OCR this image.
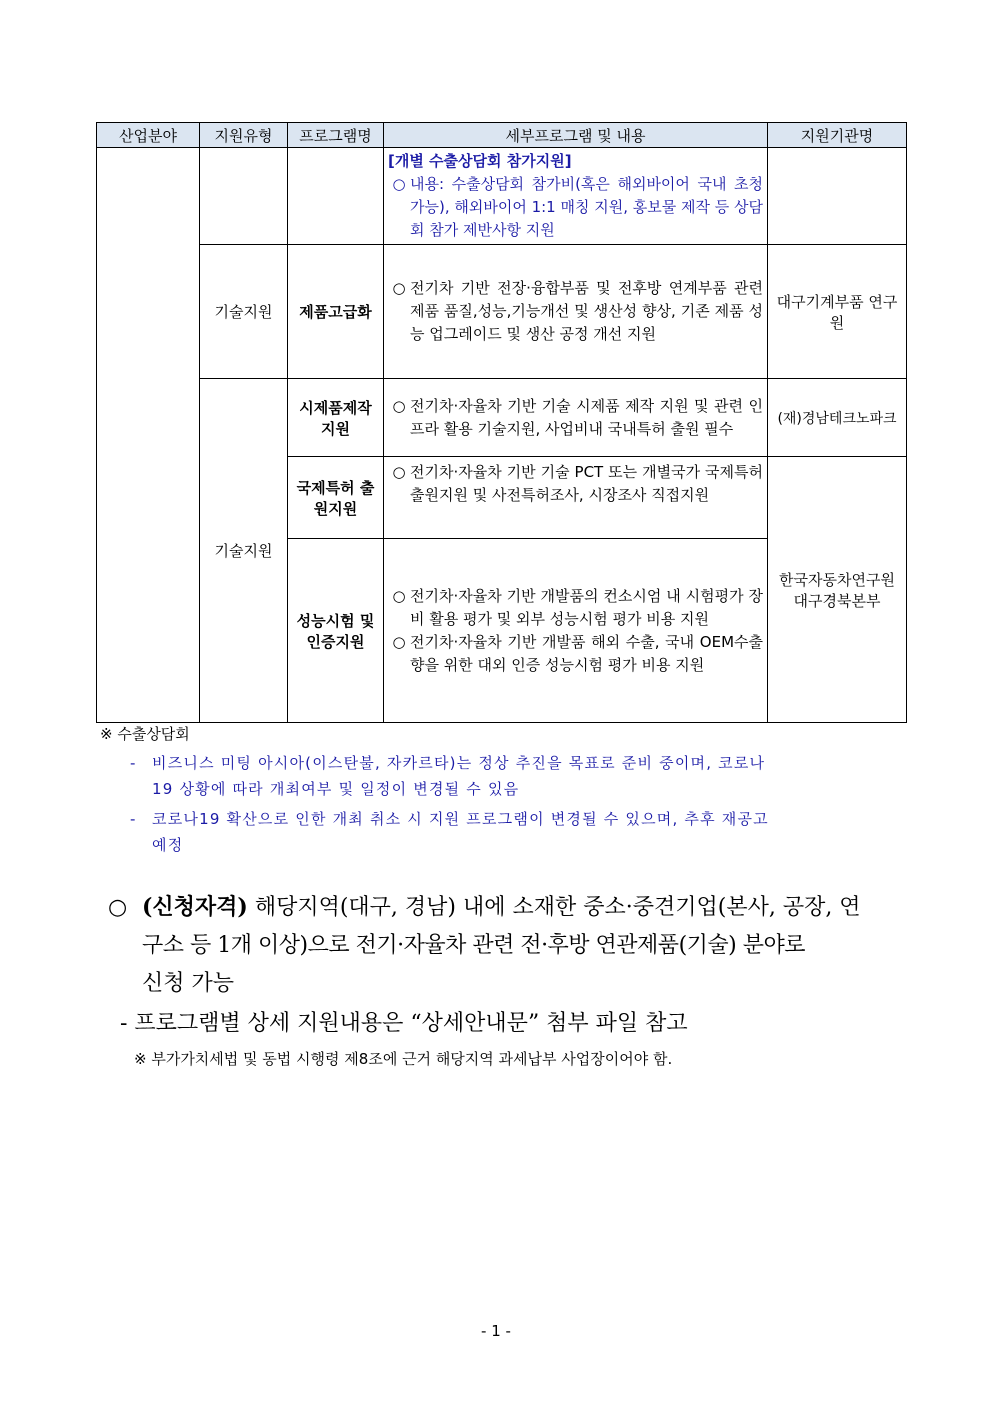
산업분야	지원유형	프로그램명	세부프로그램 및 내용	지원기관명

			[개별 수출상담회 참가지원]
○ 내용: 수출상담회 참가비(혹은 해외바이어 국내 초청 가능), 해외바이어 1:1 매칭 지원, 홍보물 제작 등 상담회 참가 제반사항 지원	

	기술지원	제품고급화	○ 전기차 기반 전장·융합부품 및 전후방 연계부품 관련 제품 품질,성능,기능개선 및 생산성 향상, 기존 제품 성능 업그레이드 및 생산 공정 개선 지원	대구기계부품 연구원
	기술지원	시제품제작 지원	○ 전기차·자율차 기반 기술 시제품 제작 지원 및 관련 인프라 활용 기술지원, 사업비내 국내특허 출원 필수	(재)경남테크노파크
		국제특허 출원지원	○ 전기차·자율차 기반 기술 PCT 또는 개별국가 국제특허출원지원 및 사전특허조사, 시장조사 직접지원	한국자동차연구원 대구경북본부
		성능시험 및 인증지원	○ 전기차·자율차 기반 개발품의 컨소시엄 내 시험평가 장비 활용 평가 및 외부 성능시험 평가 비용 지원
○ 전기차·자율차 기반 개발품 해외 수출, 국내 OEM수출향을 위한 대외 인증 성능시험 평가 비용 지원	
※ 수출상담회
- 비즈니스 미팅 아시아(이스탄불, 자카르타)는 정상 추진을 목표로 준비 중이며, 코로나
19 상황에 따라 개최여부 및 일정이 변경될 수 있음
- 코로나19 확산으로 인한 개최 취소 시 지원 프로그램이 변경될 수 있으며, 추후 재공고
예정
○ (신청자격) 해당지역(대구, 경남) 내에 소재한 중소·중견기업(본사, 공장, 연
구소 등 1개 이상)으로 전기·자율차 관련 전·후방 연관제품(기술) 분야로
신청 가능
- 프로그램별 상세 지원내용은 “상세안내문” 첨부 파일 참고
※ 부가가치세법 및 동법 시행령 제8조에 근거 해당지역 과세납부 사업장이어야 함.
- 1 -
